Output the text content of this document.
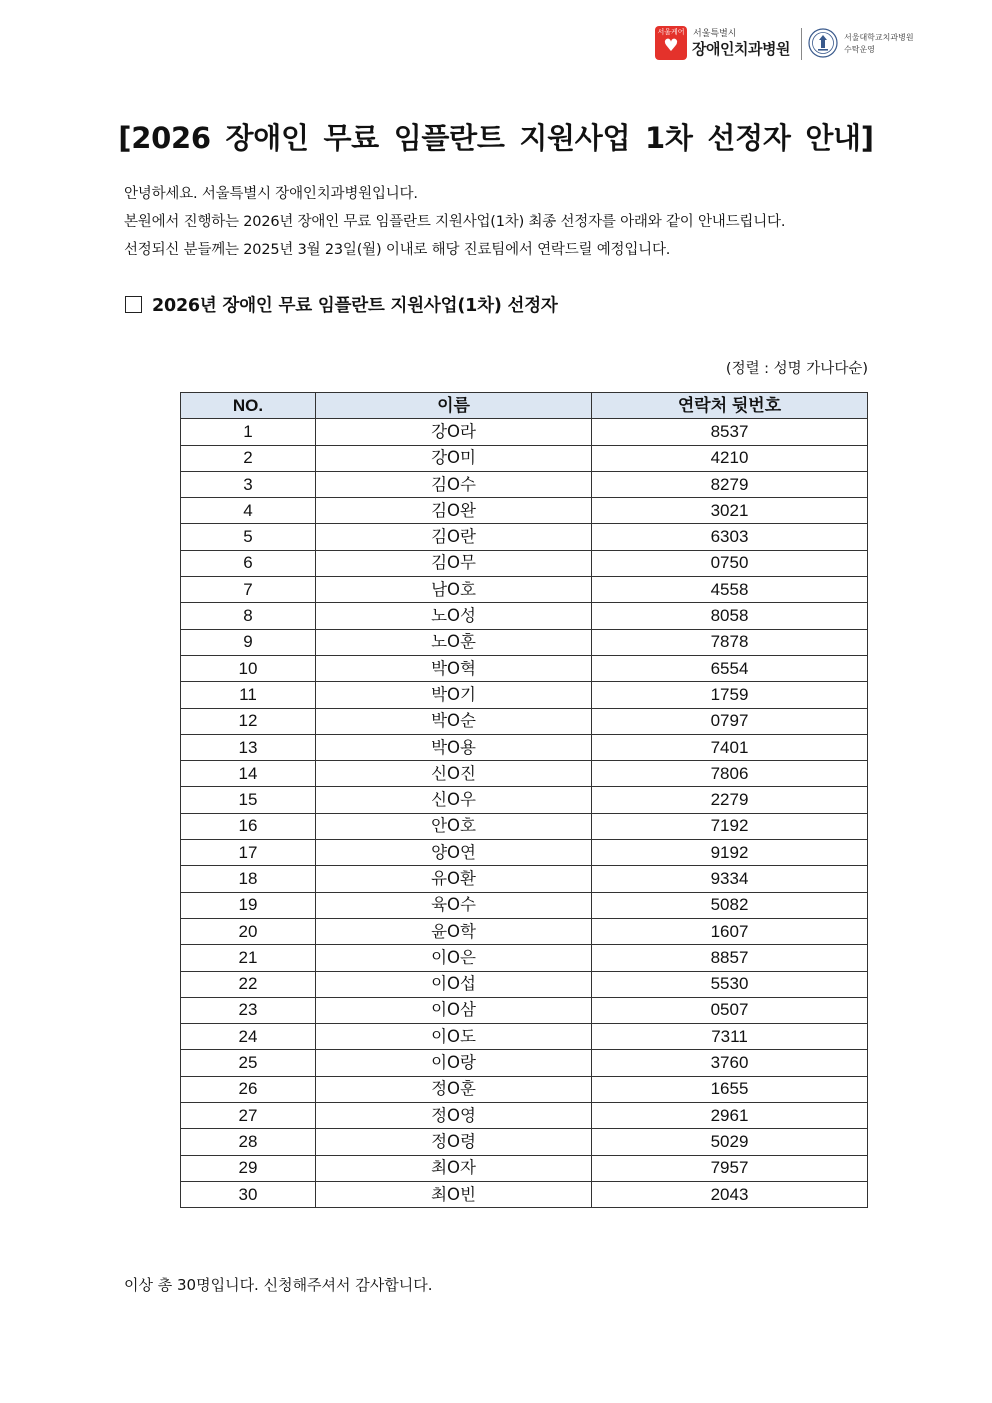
서울케어
♥
서울특별시
장애인치과병원
서울대학교치과병원
수탁운영
[2026 장애인 무료 임플란트 지원사업 1차 선정자 안내]
안녕하세요. 서울특별시 장애인치과병원입니다.
본원에서 진행하는 2026년 장애인 무료 임플란트 지원사업(1차) 최종 선정자를 아래와 같이 안내드립니다.
선정되신 분들께는 2025년 3월 23일(월) 이내로 해당 진료팀에서 연락드릴 예정입니다.
2026년 장애인 무료 임플란트 지원사업(1차) 선정자
(정렬 : 성명 가나다순)
NO.	이름	연락처 뒷번호
1	강O라	8537
2	강O미	4210
3	김O수	8279
4	김O완	3021
5	김O란	6303
6	김O무	0750
7	남O호	4558
8	노O성	8058
9	노O훈	7878
10	박O혁	6554
11	박O기	1759
12	박O순	0797
13	박O용	7401
14	신O진	7806
15	신O우	2279
16	안O호	7192
17	양O연	9192
18	유O환	9334
19	육O수	5082
20	윤O학	1607
21	이O은	8857
22	이O섭	5530
23	이O삼	0507
24	이O도	7311
25	이O랑	3760
26	정O훈	1655
27	정O영	2961
28	정O령	5029
29	최O자	7957
30	최O빈	2043
이상 총 30명입니다. 신청해주셔서 감사합니다.
